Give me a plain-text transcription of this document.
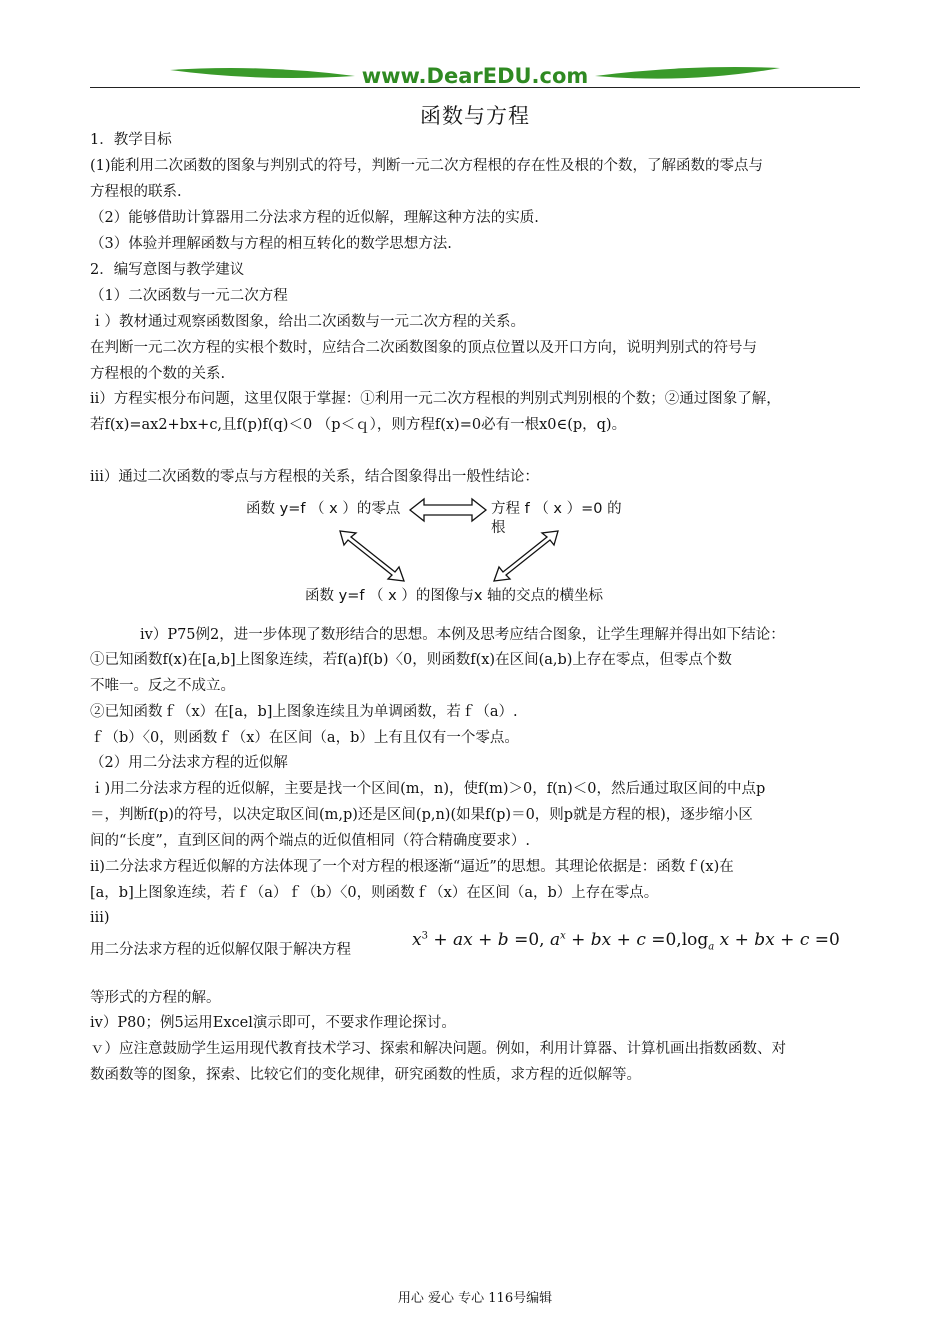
www.DearEDU.com
函数与方程
1．教学目标
(1)能利用二次函数的图象与判别式的符号，判断一元二次方程根的存在性及根的个数，了解函数的零点与
方程根的联系.
（2）能够借助计算器用二分法求方程的近似解，理解这种方法的实质.
（3）体验并理解函数与方程的相互转化的数学思想方法.
2．编写意图与教学建议
（1）二次函数与一元二次方程
ｉ）教材通过观察函数图象，给出二次函数与一元二次方程的关系。
在判断一元二次方程的实根个数时，应结合二次函数图象的顶点位置以及开口方向，说明判别式的符号与
方程根的个数的关系.
ii）方程实根分布问题，这里仅限于掌握：①利用一元二次方程根的判别式判别根的个数；②通过图象了解，
若f(x)=ax2+bx+c,且f(p)f(q)＜0 （p＜ｑ），则方程f(x)=0必有一根x0∈(p，q)。
iii）通过二次函数的零点与方程根的关系，结合图象得出一般性结论：
函数 y=f （ x ）的零点	方程 f （ x ）=0 的
根
函数 y=f （ x ）的图像与x 轴的交点的横坐标
iv）P75例2，进一步体现了数形结合的思想。本例及思考应结合图象，让学生理解并得出如下结论：
①已知函数f(x)在[a,b]上图象连续，若f(a)f(b)〈0，则函数f(x)在区间(a,b)上存在零点，但零点个数
不唯一。反之不成立。
②已知函数ｆ（x）在[a，b]上图象连续且为单调函数，若ｆ（a）.
ｆ（b）〈0，则函数ｆ（x）在区间（a，b）上有且仅有一个零点。
（2）用二分法求方程的近似解
ｉ)用二分法求方程的近似解，主要是找一个区间(m，n)，使f(m)＞0，f(n)＜0，然后通过取区间的中点p
＝，判断f(p)的符号，以决定取区间(m,p)还是区间(p,n)(如果f(p)＝0，则p就是方程的根)，逐步缩小区
间的“长度”，直到区间的两个端点的近似值相同（符合精确度要求）.
ii)二分法求方程近似解的方法体现了一个对方程的根逐渐“逼近”的思想。其理论依据是：函数ｆ(x)在
[a，b]上图象连续，若ｆ（a）ｆ（b）〈0，则函数ｆ（x）在区间（a，b）上存在零点。
iii)
用二分法求方程的近似解仅限于解决方程	$x^3$ + ax + b =0, $a^x$ + bx + $c =0,\log_a$ x + bx + c =0
等形式的方程的解。
iv）P80；例5运用Excel演示即可，不要求作理论探讨。
ｖ）应注意鼓励学生运用现代教育技术学习、探索和解决问题。例如，利用计算器、计算机画出指数函数、对
数函数等的图象，探索、比较它们的变化规律，研究函数的性质，求方程的近似解等。
用心 爱心 专心 116号编辑
